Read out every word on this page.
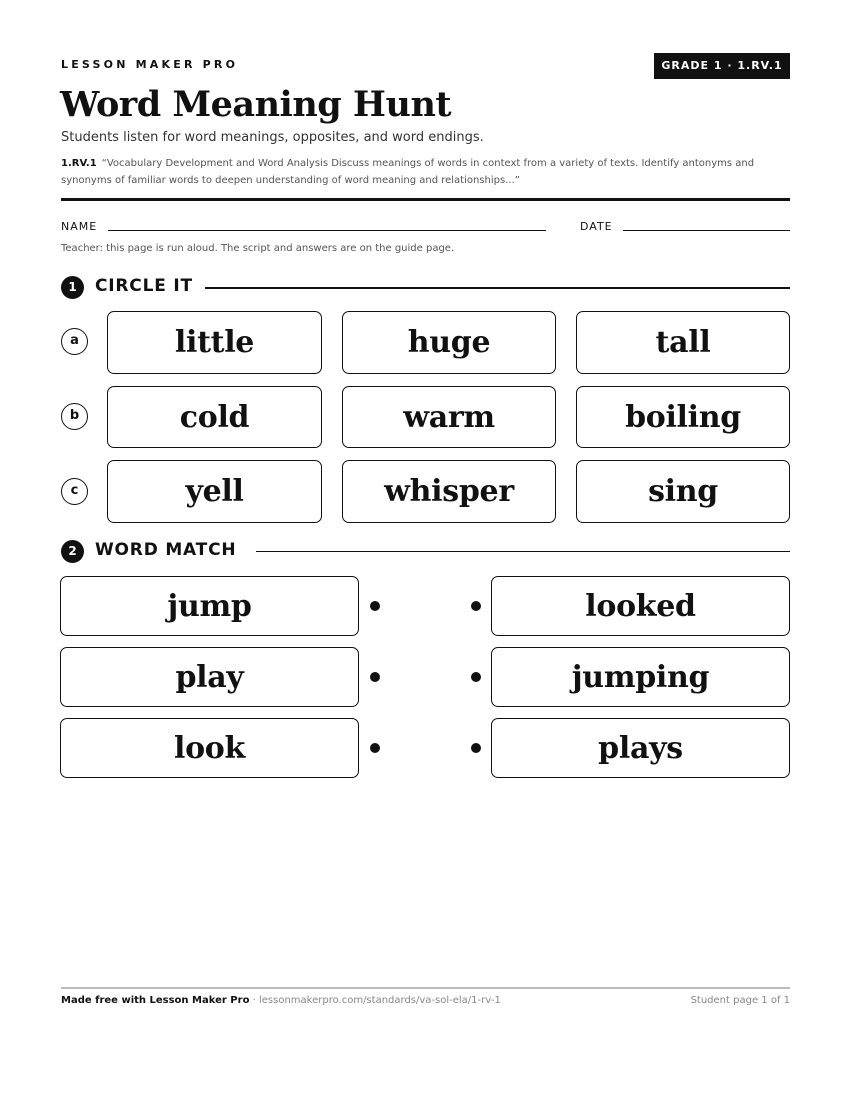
LESSON MAKER PRO	GRADE 1 · 1.RV.1
Word Meaning Hunt
Students listen for word meanings, opposites, and word endings.
1.RV.1 “Vocabulary Development and Word Analysis Discuss meanings of words in context from a variety of texts. Identify antonyms and synonyms of familiar words to deepen understanding of word meaning and relationships...”
NAME	DATE
Teacher: this page is run aloud. The script and answers are on the guide page.
1	CIRCLE IT
a	little	huge	tall
b	cold	warm	boiling
c	yell	whisper	sing
2	WORD MATCH
jump	looked
play	jumping
look	plays
Made free with Lesson Maker Pro · lessonmakerpro.com/standards/va-sol-ela/1-rv-1	Student page 1 of 1
